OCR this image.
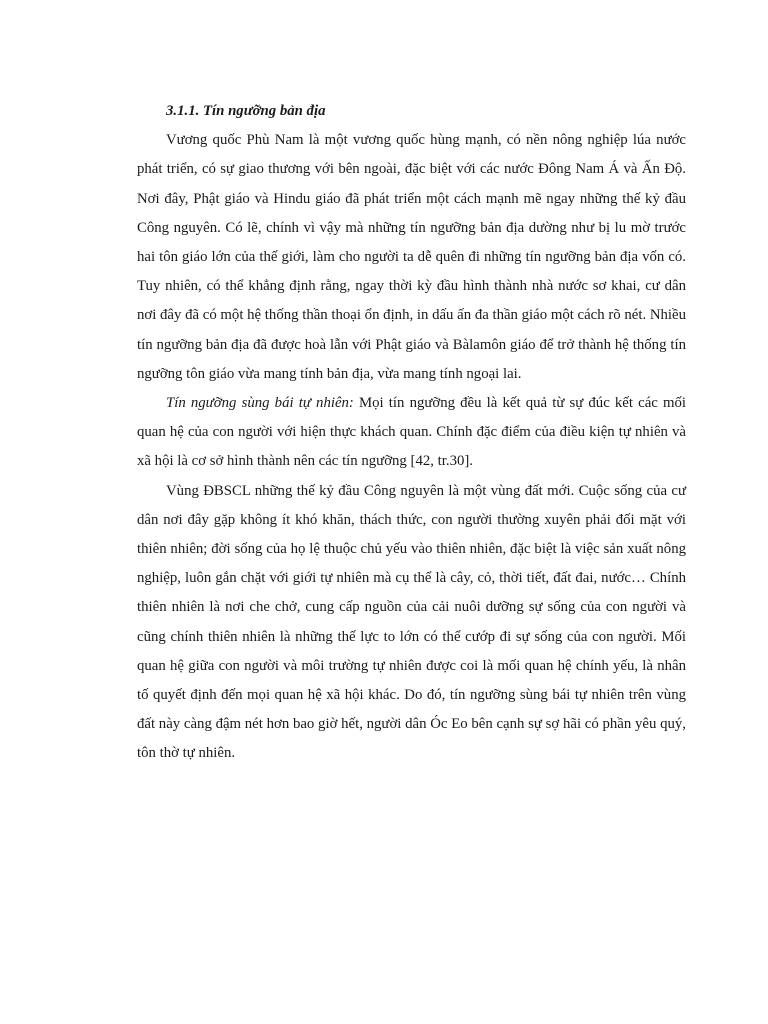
3.1.1. Tín ngưỡng bản địa

Vương quốc Phù Nam là một vương quốc hùng mạnh, có nền nông nghiệp lúa nước phát triển, có sự giao thương với bên ngoài, đặc biệt với các nước Đông Nam Á và Ấn Độ. Nơi đây, Phật giáo và Hindu giáo đã phát triển một cách mạnh mẽ ngay những thế kỷ đầu Công nguyên. Có lẽ, chính vì vậy mà những tín ngưỡng bản địa dường như bị lu mờ trước hai tôn giáo lớn của thế giới, làm cho người ta dễ quên đi những tín ngưỡng bản địa vốn có. Tuy nhiên, có thể khẳng định rằng, ngay thời kỳ đầu hình thành nhà nước sơ khai, cư dân nơi đây đã có một hệ thống thần thoại ổn định, in dấu ấn đa thần giáo một cách rõ nét. Nhiều tín ngưỡng bản địa đã được hoà lẫn với Phật giáo và Bàlamôn giáo để trở thành hệ thống tín ngưỡng tôn giáo vừa mang tính bản địa, vừa mang tính ngoại lai.

Tín ngưỡng sùng bái tự nhiên: Mọi tín ngưỡng đều là kết quả từ sự đúc kết các mối quan hệ của con người với hiện thực khách quan. Chính đặc điểm của điều kiện tự nhiên và xã hội là cơ sở hình thành nên các tín ngưỡng [42, tr.30].

Vùng ĐBSCL những thế kỷ đầu Công nguyên là một vùng đất mới. Cuộc sống của cư dân nơi đây gặp không ít khó khăn, thách thức, con người thường xuyên phải đối mặt với thiên nhiên; đời sống của họ lệ thuộc chủ yếu vào thiên nhiên, đặc biệt là việc sản xuất nông nghiệp, luôn gắn chặt với giới tự nhiên mà cụ thể là cây, cỏ, thời tiết, đất đai, nước… Chính thiên nhiên là nơi che chở, cung cấp nguồn của cải nuôi dưỡng sự sống của con người và cũng chính thiên nhiên là những thế lực to lớn có thể cướp đi sự sống của con người. Mối quan hệ giữa con người và môi trường tự nhiên được coi là mối quan hệ chính yếu, là nhân tố quyết định đến mọi quan hệ xã hội khác. Do đó, tín ngưỡng sùng bái tự nhiên trên vùng đất này càng đậm nét hơn bao giờ hết, người dân Óc Eo bên cạnh sự sợ hãi có phần yêu quý, tôn thờ tự nhiên.
